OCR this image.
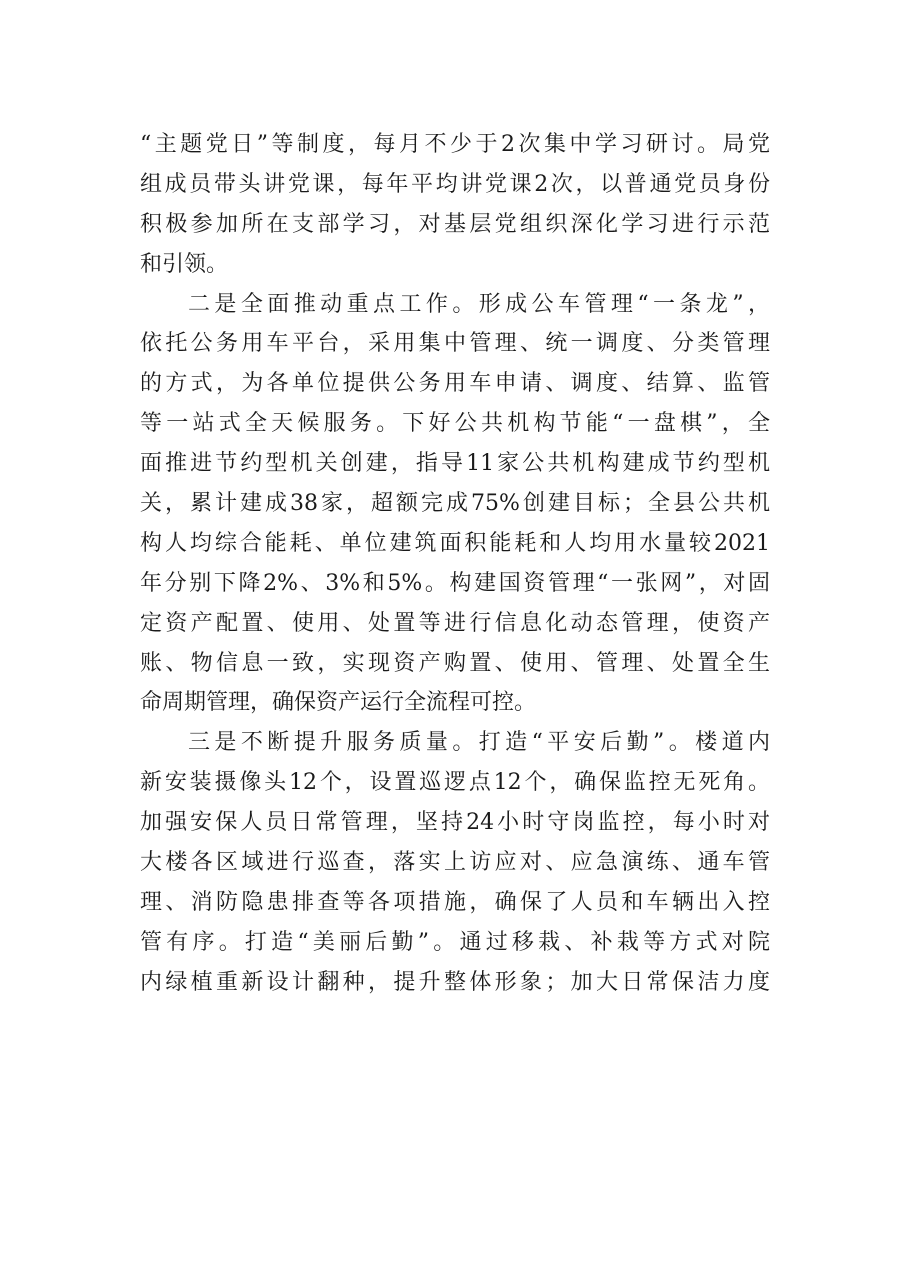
“主题党日”等制度，每月不少于2次集中学习研讨。局党
组成员带头讲党课，每年平均讲党课2次，以普通党员身份
积极参加所在支部学习，对基层党组织深化学习进行示范
和引领。
二是全面推动重点工作。形成公车管理“一条龙”，
依托公务用车平台，采用集中管理、统一调度、分类管理
的方式，为各单位提供公务用车申请、调度、结算、监管
等一站式全天候服务。下好公共机构节能“一盘棋”，全
面推进节约型机关创建，指导11家公共机构建成节约型机
关，累计建成38家，超额完成75%创建目标；全县公共机
构人均综合能耗、单位建筑面积能耗和人均用水量较2021
年分别下降2%、3%和5%。构建国资管理“一张网”，对固
定资产配置、使用、处置等进行信息化动态管理，使资产
账、物信息一致，实现资产购置、使用、管理、处置全生
命周期管理，确保资产运行全流程可控。
三是不断提升服务质量。打造“平安后勤”。楼道内
新安装摄像头12个，设置巡逻点12个，确保监控无死角。
加强安保人员日常管理，坚持24小时守岗监控，每小时对
大楼各区域进行巡查，落实上访应对、应急演练、通车管
理、消防隐患排查等各项措施，确保了人员和车辆出入控
管有序。打造“美丽后勤”。通过移栽、补栽等方式对院
内绿植重新设计翻种，提升整体形象；加大日常保洁力度
